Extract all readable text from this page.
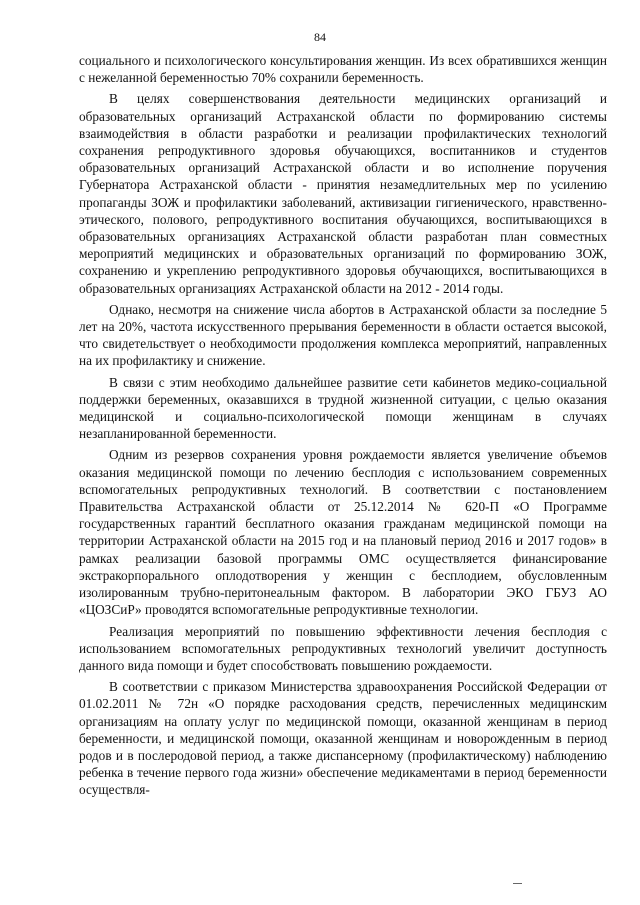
84

социального и психологического консультирования женщин. Из всех обратившихся женщин с нежеланной беременностью 70% сохранили беременность.

В целях совершенствования деятельности медицинских организаций и образовательных организаций Астраханской области по формированию системы взаимодействия в области разработки и реализации профилактических технологий сохранения репродуктивного здоровья обучающихся, воспитанников и студентов образовательных организаций Астраханской области и во исполнение поручения Губернатора Астраханской области - принятия незамедлительных мер по усилению пропаганды ЗОЖ и профилактики заболеваний, активизации гигиенического, нравственно-этического, полового, репродуктивного воспитания обучающихся, воспитывающихся в образовательных организациях Астраханской области разработан план совместных мероприятий медицинских и образовательных организаций по формированию ЗОЖ, сохранению и укреплению репродуктивного здоровья обучающихся, воспитывающихся в образовательных организациях Астраханской области на 2012 - 2014 годы.

Однако, несмотря на снижение числа абортов в Астраханской области за последние 5 лет на 20%, частота искусственного прерывания беременности в области остается высокой, что свидетельствует о необходимости продолжения комплекса мероприятий, направленных на их профилактику и снижение.

В связи с этим необходимо дальнейшее развитие сети кабинетов медико-социальной поддержки беременных, оказавшихся в трудной жизненной ситуации, с целью оказания медицинской и социально-психологической помощи женщинам в случаях незапланированной беременности.

Одним из резервов сохранения уровня рождаемости является увеличение объемов оказания медицинской помощи по лечению бесплодия с использованием современных вспомогательных репродуктивных технологий. В соответствии с постановлением Правительства Астраханской области от 25.12.2014 № 620-П «О Программе государственных гарантий бесплатного оказания гражданам медицинской помощи на территории Астраханской области на 2015 год и на плановый период 2016 и 2017 годов» в рамках реализации базовой программы ОМС осуществляется финансирование экстракорпорального оплодотворения у женщин с бесплодием, обусловленным изолированным трубно-перитонеальным фактором. В лаборатории ЭКО ГБУЗ АО «ЦОЗСиР» проводятся вспомогательные репродуктивные технологии.

Реализация мероприятий по повышению эффективности лечения бесплодия с использованием вспомогательных репродуктивных технологий увеличит доступность данного вида помощи и будет способствовать повышению рождаемости.

В соответствии с приказом Министерства здравоохранения Российской Федерации от 01.02.2011 № 72н «О порядке расходования средств, перечисленных медицинским организациям на оплату услуг по медицинской помощи, оказанной женщинам в период беременности, и медицинской помощи, оказанной женщинам и новорожденным в период родов и в послеродовой период, а также диспансерному (профилактическому) наблюдению ребенка в течение первого года жизни» обеспечение медикаментами в период беременности осуществля-
